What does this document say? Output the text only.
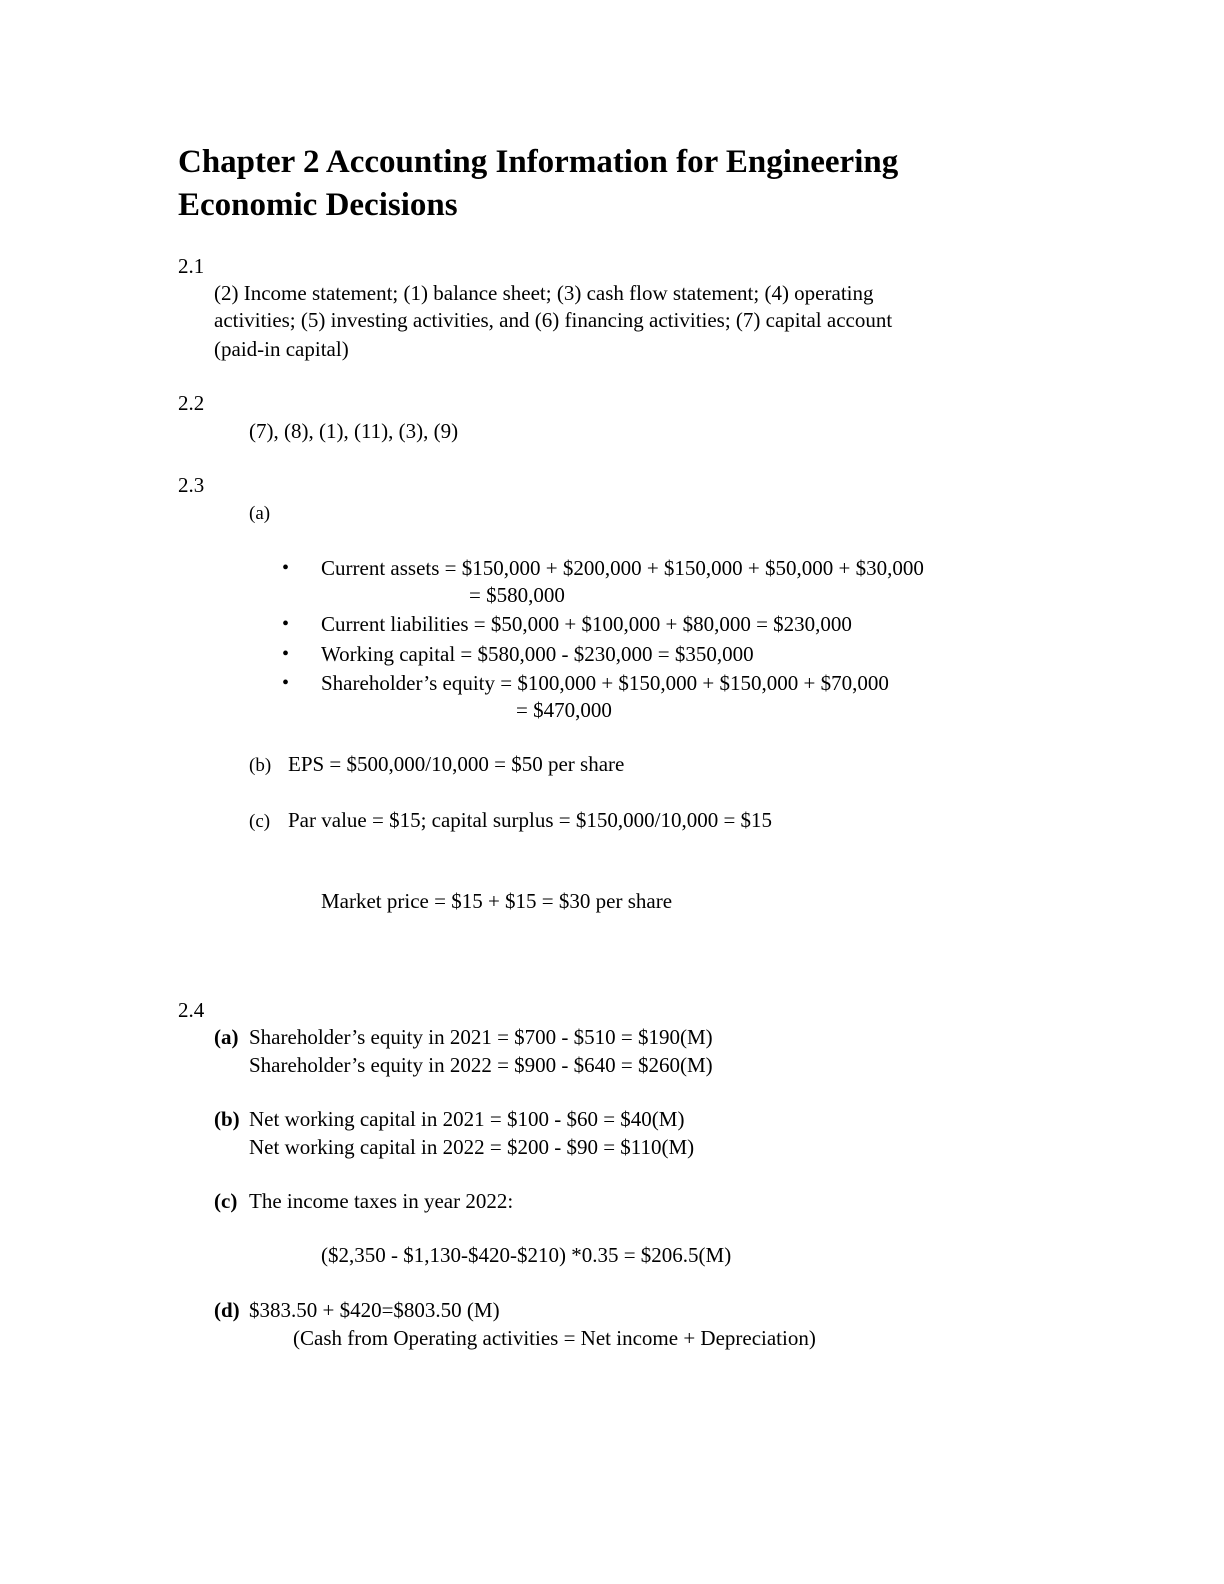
Chapter 2 Accounting Information for Engineering
Economic Decisions
2.1
(2) Income statement; (1) balance sheet; (3) cash flow statement; (4) operating
activities; (5) investing activities, and (6) financing activities; (7) capital account
(paid-in capital)
2.2
(7), (8), (1), (11), (3), (9)
2.3
(a)
• Current assets = $150,000 + $200,000 + $150,000 + $50,000 + $30,000
= $580,000
• Current liabilities = $50,000 + $100,000 + $80,000 = $230,000
• Working capital = $580,000 - $230,000 = $350,000
• Shareholder’s equity = $100,000 + $150,000 + $150,000 + $70,000
= $470,000
(b) EPS = $500,000/10,000 = $50 per share
(c) Par value = $15; capital surplus = $150,000/10,000 = $15
Market price = $15 + $15 = $30 per share
2.4
(a) Shareholder’s equity in 2021 = $700 - $510 = $190(M)
Shareholder’s equity in 2022 = $900 - $640 = $260(M)
(b) Net working capital in 2021 = $100 - $60 = $40(M)
Net working capital in 2022 = $200 - $90 = $110(M)
(c) The income taxes in year 2022:
($2,350 - $1,130-$420-$210) *0.35 = $206.5(M)
(d) $383.50 + $420=$803.50 (M)
(Cash from Operating activities = Net income + Depreciation)
